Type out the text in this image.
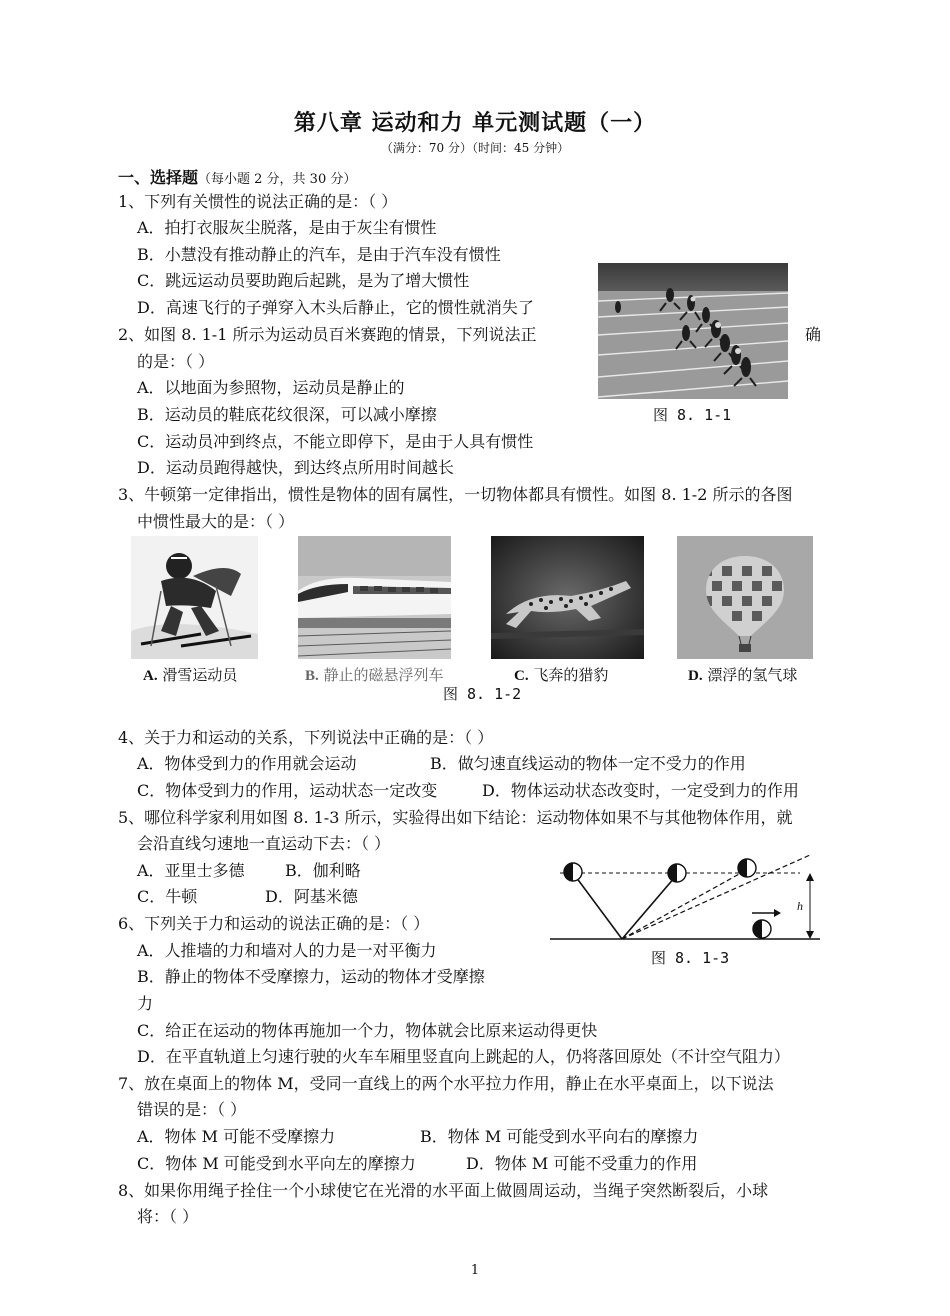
第八章 运动和力 单元测试题（一）
（满分：70 分）（时间：45 分钟）
一、选择题（每小题 2 分，共 30 分）
1、下列有关惯性的说法正确的是：（ ）
A．拍打衣服灰尘脱落，是由于灰尘有惯性
B．小慧没有推动静止的汽车，是由于汽车没有惯性
C．跳远运动员要助跑后起跳，是为了增大惯性
D．高速飞行的子弹穿入木头后静止，它的惯性就消失了
2、如图 8. 1-1 所示为运动员百米赛跑的情景，下列说法正	确
的是：（ ）
A．以地面为参照物，运动员是静止的
B．运动员的鞋底花纹很深，可以减小摩擦
C．运动员冲到终点，不能立即停下，是由于人具有惯性
D．运动员跑得越快，到达终点所用时间越长
图 8. 1-1
3、牛顿第一定律指出，惯性是物体的固有属性，一切物体都具有惯性。如图 8. 1-2 所示的各图
中惯性最大的是：（ ）
A. 滑雪运动员	B. 静止的磁悬浮列车	C. 飞奔的猎豹	D. 漂浮的氢气球
图 8. 1-2
4、关于力和运动的关系，下列说法中正确的是：（ ）
A．物体受到力的作用就会运动	B．做匀速直线运动的物体一定不受力的作用
C．物体受到力的作用，运动状态一定改变	D．物体运动状态改变时，一定受到力的作用
5、哪位科学家利用如图 8. 1-3 所示，实验得出如下结论：运动物体如果不与其他物体作用，就
会沿直线匀速地一直运动下去：（ ）
A．亚里士多德	B．伽利略
C．牛顿	D．阿基米德	h
图 8. 1-3
6、下列关于力和运动的说法正确的是：（ ）
A．人推墙的力和墙对人的力是一对平衡力
B．静止的物体不受摩擦力，运动的物体才受摩擦
力
C．给正在运动的物体再施加一个力，物体就会比原来运动得更快
D．在平直轨道上匀速行驶的火车车厢里竖直向上跳起的人，仍将落回原处（不计空气阻力）
7、放在桌面上的物体 M，受同一直线上的两个水平拉力作用，静止在水平桌面上，以下说法
错误的是：（ ）
A．物体 M 可能不受摩擦力	B．物体 M 可能受到水平向右的摩擦力
C．物体 M 可能受到水平向左的摩擦力	D．物体 M 可能不受重力的作用
8、如果你用绳子拴住一个小球使它在光滑的水平面上做圆周运动，当绳子突然断裂后，小球
将：（ ）
1
